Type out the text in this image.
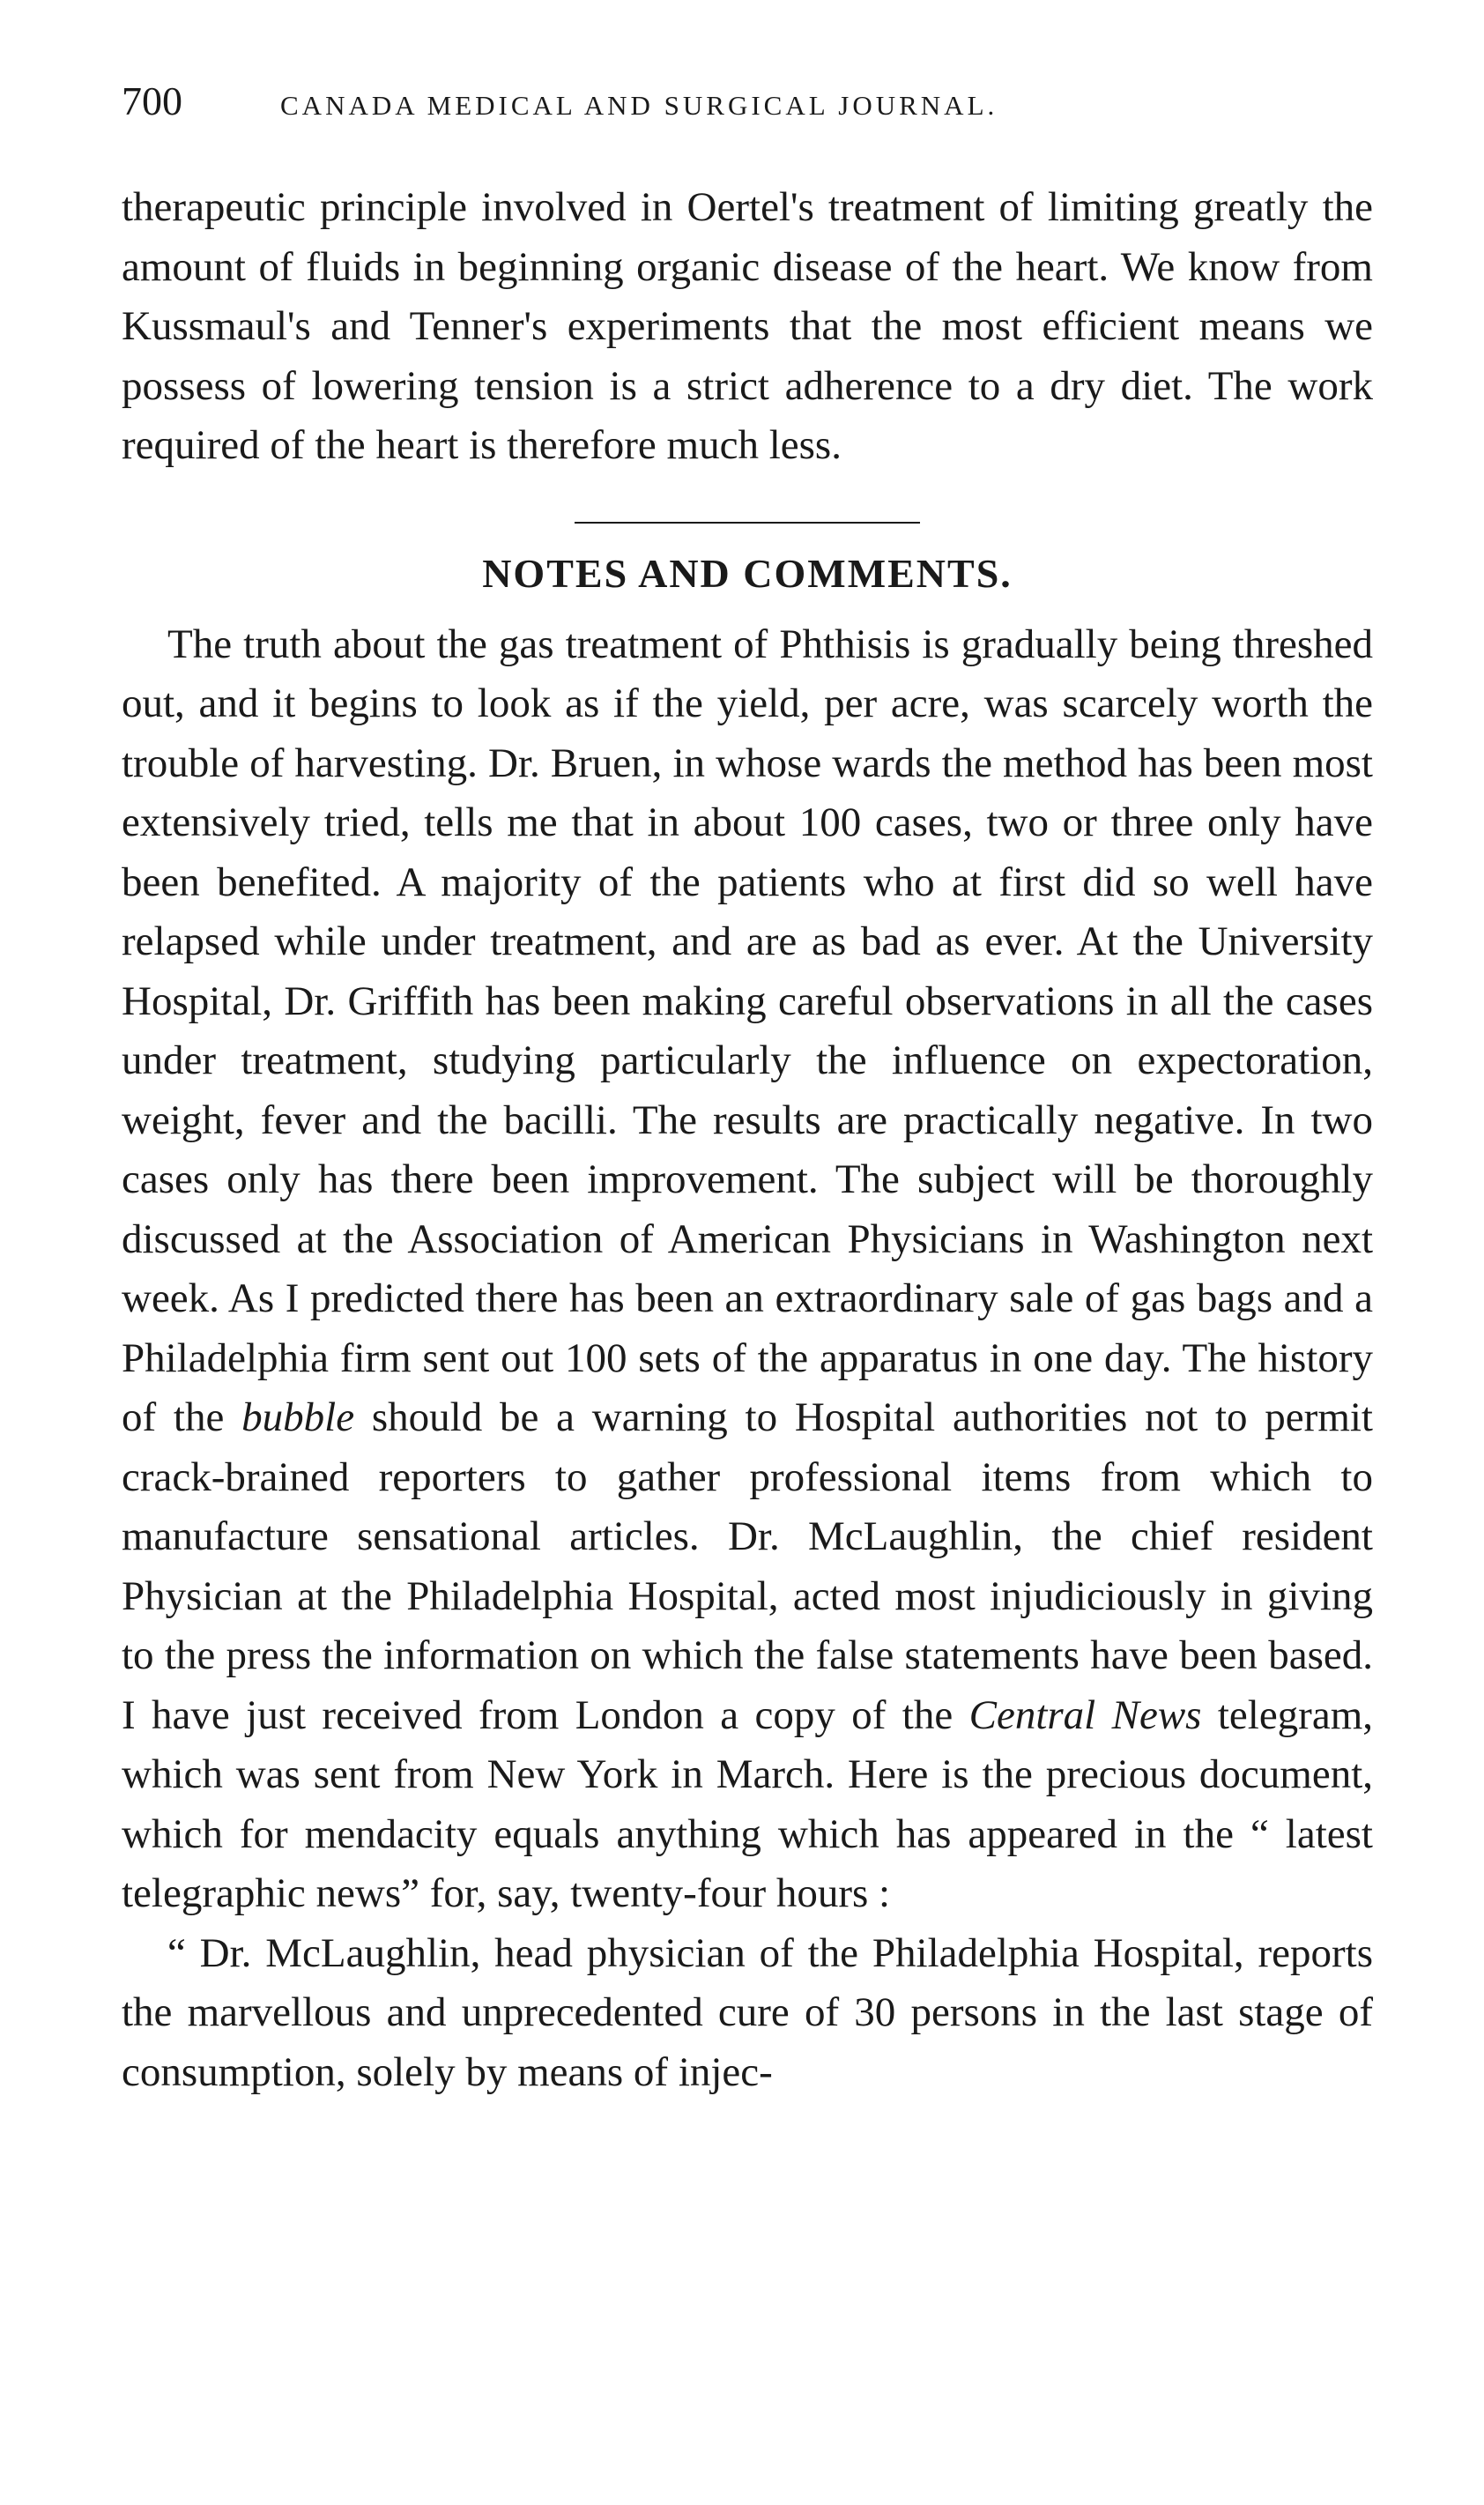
700	CANADA MEDICAL AND SURGICAL JOURNAL.

therapeutic principle involved in Oertel's treatment of limiting greatly the amount of fluids in beginning organic disease of the heart. We know from Kussmaul's and Tenner's experiments that the most efficient means we possess of lowering tension is a strict adherence to a dry diet. The work required of the heart is therefore much less.

NOTES AND COMMENTS.

The truth about the gas treatment of Phthisis is gradually being threshed out, and it begins to look as if the yield, per acre, was scarcely worth the trouble of harvesting. Dr. Bruen, in whose wards the method has been most extensively tried, tells me that in about 100 cases, two or three only have been benefited. A majority of the patients who at first did so well have relapsed while under treatment, and are as bad as ever. At the University Hospital, Dr. Griffith has been making careful observations in all the cases under treatment, studying particularly the influence on expectoration, weight, fever and the bacilli. The results are practically negative. In two cases only has there been improvement. The subject will be thoroughly discussed at the Association of American Physicians in Washington next week. As I predicted there has been an extraordinary sale of gas bags and a Philadelphia firm sent out 100 sets of the apparatus in one day. The history of the bubble should be a warning to Hospital authorities not to permit crack-brained reporters to gather professional items from which to manufacture sensational articles. Dr. McLaughlin, the chief resident Physician at the Philadelphia Hospital, acted most injudiciously in giving to the press the information on which the false statements have been based. I have just received from London a copy of the Central News telegram, which was sent from New York in March. Here is the precious document, which for mendacity equals anything which has appeared in the “ latest telegraphic news” for, say, twenty-four hours :

“ Dr. McLaughlin, head physician of the Philadelphia Hospital, reports the marvellous and unprecedented cure of 30 persons in the last stage of consumption, solely by means of injec-
